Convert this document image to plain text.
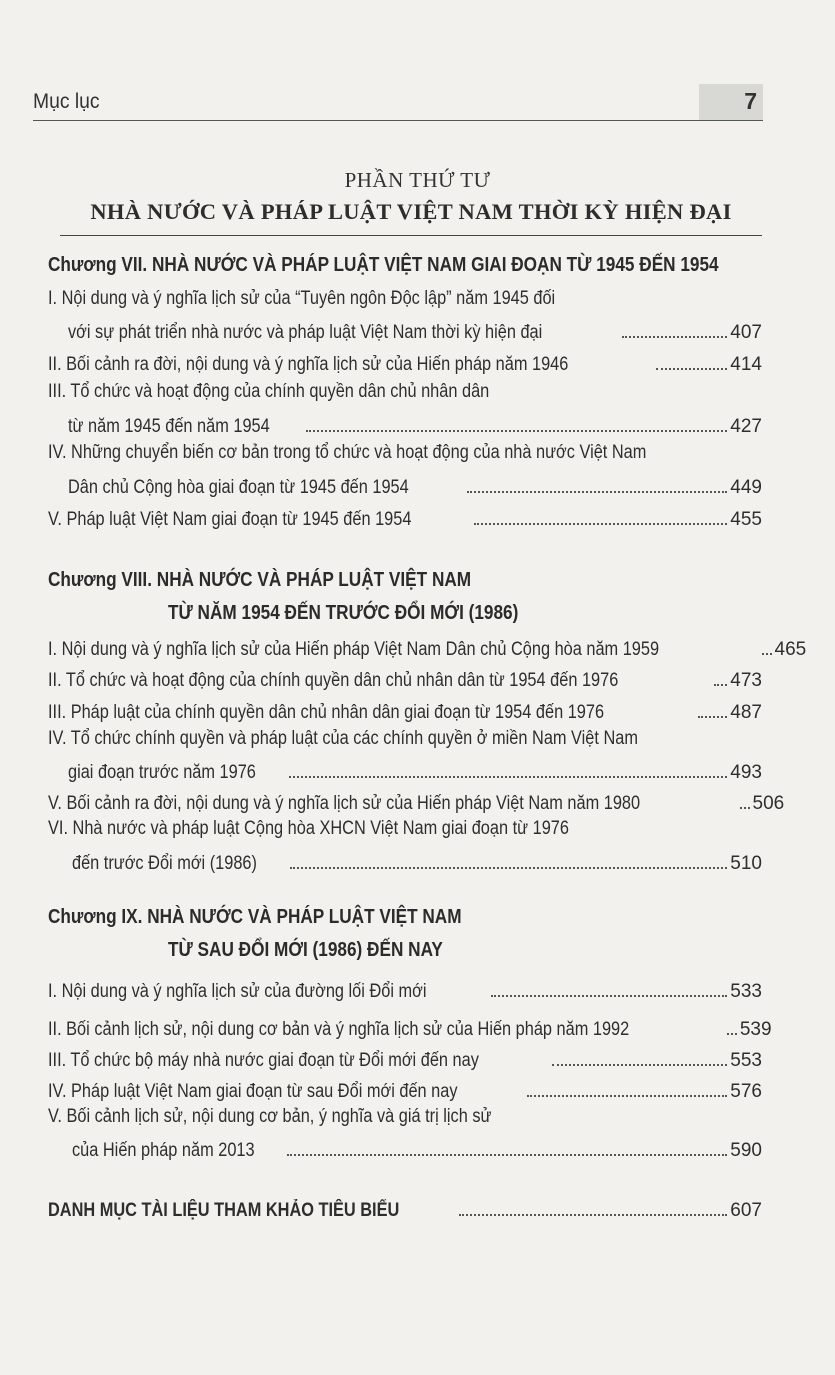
Mục lục	7
PHẦN THỨ TƯ
NHÀ NƯỚC VÀ PHÁP LUẬT VIỆT NAM THỜI KỲ HIỆN ĐẠI
Chương VII. NHÀ NƯỚC VÀ PHÁP LUẬT VIỆT NAM GIAI ĐOẠN TỪ 1945 ĐẾN 1954
I. Nội dung và ý nghĩa lịch sử của “Tuyên ngôn Độc lập” năm 1945 đối
với sự phát triển nhà nước và pháp luật Việt Nam thời kỳ hiện đại	407
II. Bối cảnh ra đời, nội dung và ý nghĩa lịch sử của Hiến pháp năm 1946	414
III. Tổ chức và hoạt động của chính quyền dân chủ nhân dân
từ năm 1945 đến năm 1954	427
IV. Những chuyển biến cơ bản trong tổ chức và hoạt động của nhà nước Việt Nam
Dân chủ Cộng hòa giai đoạn từ 1945 đến 1954	449
V. Pháp luật Việt Nam giai đoạn từ 1945 đến 1954	455
Chương VIII. NHÀ NƯỚC VÀ PHÁP LUẬT VIỆT NAM
TỪ NĂM 1954 ĐẾN TRƯỚC ĐỔI MỚI (1986)
I. Nội dung và ý nghĩa lịch sử của Hiến pháp Việt Nam Dân chủ Cộng hòa năm 1959	465
II. Tổ chức và hoạt động của chính quyền dân chủ nhân dân từ 1954 đến 1976	473
III. Pháp luật của chính quyền dân chủ nhân dân giai đoạn từ 1954 đến 1976	487
IV. Tổ chức chính quyền và pháp luật của các chính quyền ở miền Nam Việt Nam
giai đoạn trước năm 1976	493
V. Bối cảnh ra đời, nội dung và ý nghĩa lịch sử của Hiến pháp Việt Nam năm 1980	506
VI. Nhà nước và pháp luật Cộng hòa XHCN Việt Nam giai đoạn từ 1976
đến trước Đổi mới (1986)	510
Chương IX. NHÀ NƯỚC VÀ PHÁP LUẬT VIỆT NAM
TỪ SAU ĐỔI MỚI (1986) ĐẾN NAY
I. Nội dung và ý nghĩa lịch sử của đường lối Đổi mới	533
II. Bối cảnh lịch sử, nội dung cơ bản và ý nghĩa lịch sử của Hiến pháp năm 1992	539
III. Tổ chức bộ máy nhà nước giai đoạn từ Đổi mới đến nay	553
IV. Pháp luật Việt Nam giai đoạn từ sau Đổi mới đến nay	576
V. Bối cảnh lịch sử, nội dung cơ bản, ý nghĩa và giá trị lịch sử
của Hiến pháp năm 2013	590
DANH MỤC TÀI LIỆU THAM KHẢO TIÊU BIỂU	607
